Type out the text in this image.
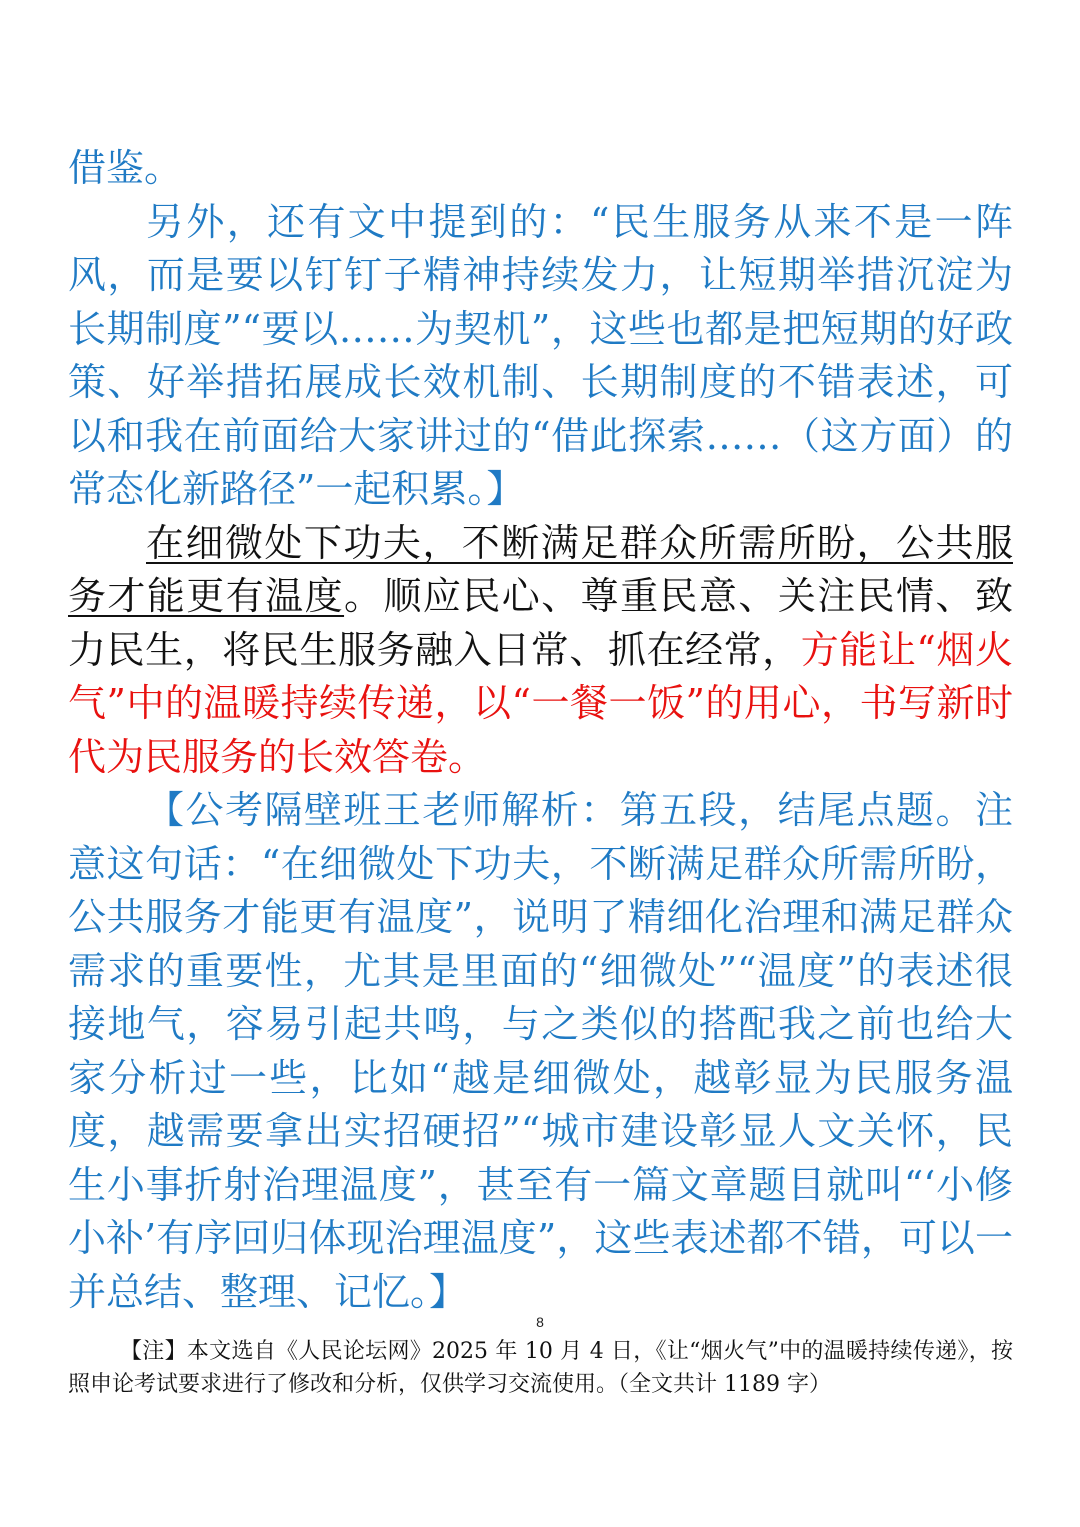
借鉴。

另外，还有文中提到的：“民生服务从来不是一阵风，而是要以钉钉子精神持续发力，让短期举措沉淀为长期制度”“要以……为契机”，这些也都是把短期的好政策、好举措拓展成长效机制、长期制度的不错表述，可以和我在前面给大家讲过的“借此探索……（这方面）的常态化新路径”一起积累。】

在细微处下功夫，不断满足群众所需所盼，公共服务才能更有温度。顺应民心、尊重民意、关注民情、致力民生，将民生服务融入日常、抓在经常，方能让“烟火气”中的温暖持续传递，以“一餐一饭”的用心，书写新时代为民服务的长效答卷。

【公考隔壁班王老师解析：第五段，结尾点题。注意这句话：“在细微处下功夫，不断满足群众所需所盼，公共服务才能更有温度”，说明了精细化治理和满足群众需求的重要性，尤其是里面的“细微处”“温度”的表述很接地气，容易引起共鸣，与之类似的搭配我之前也给大家分析过一些，比如“越是细微处，越彰显为民服务温度，越需要拿出实招硬招”“城市建设彰显人文关怀，民生小事折射治理温度”，甚至有一篇文章题目就叫“‘小修小补’有序回归体现治理温度”，这些表述都不错，可以一并总结、整理、记忆。】

8
【注】本文选自《人民论坛网》2025 年 10 月 4 日，《让“烟火气”中的温暖持续传递》，按照申论考试要求进行了修改和分析，仅供学习交流使用。（全文共计 1189 字）
